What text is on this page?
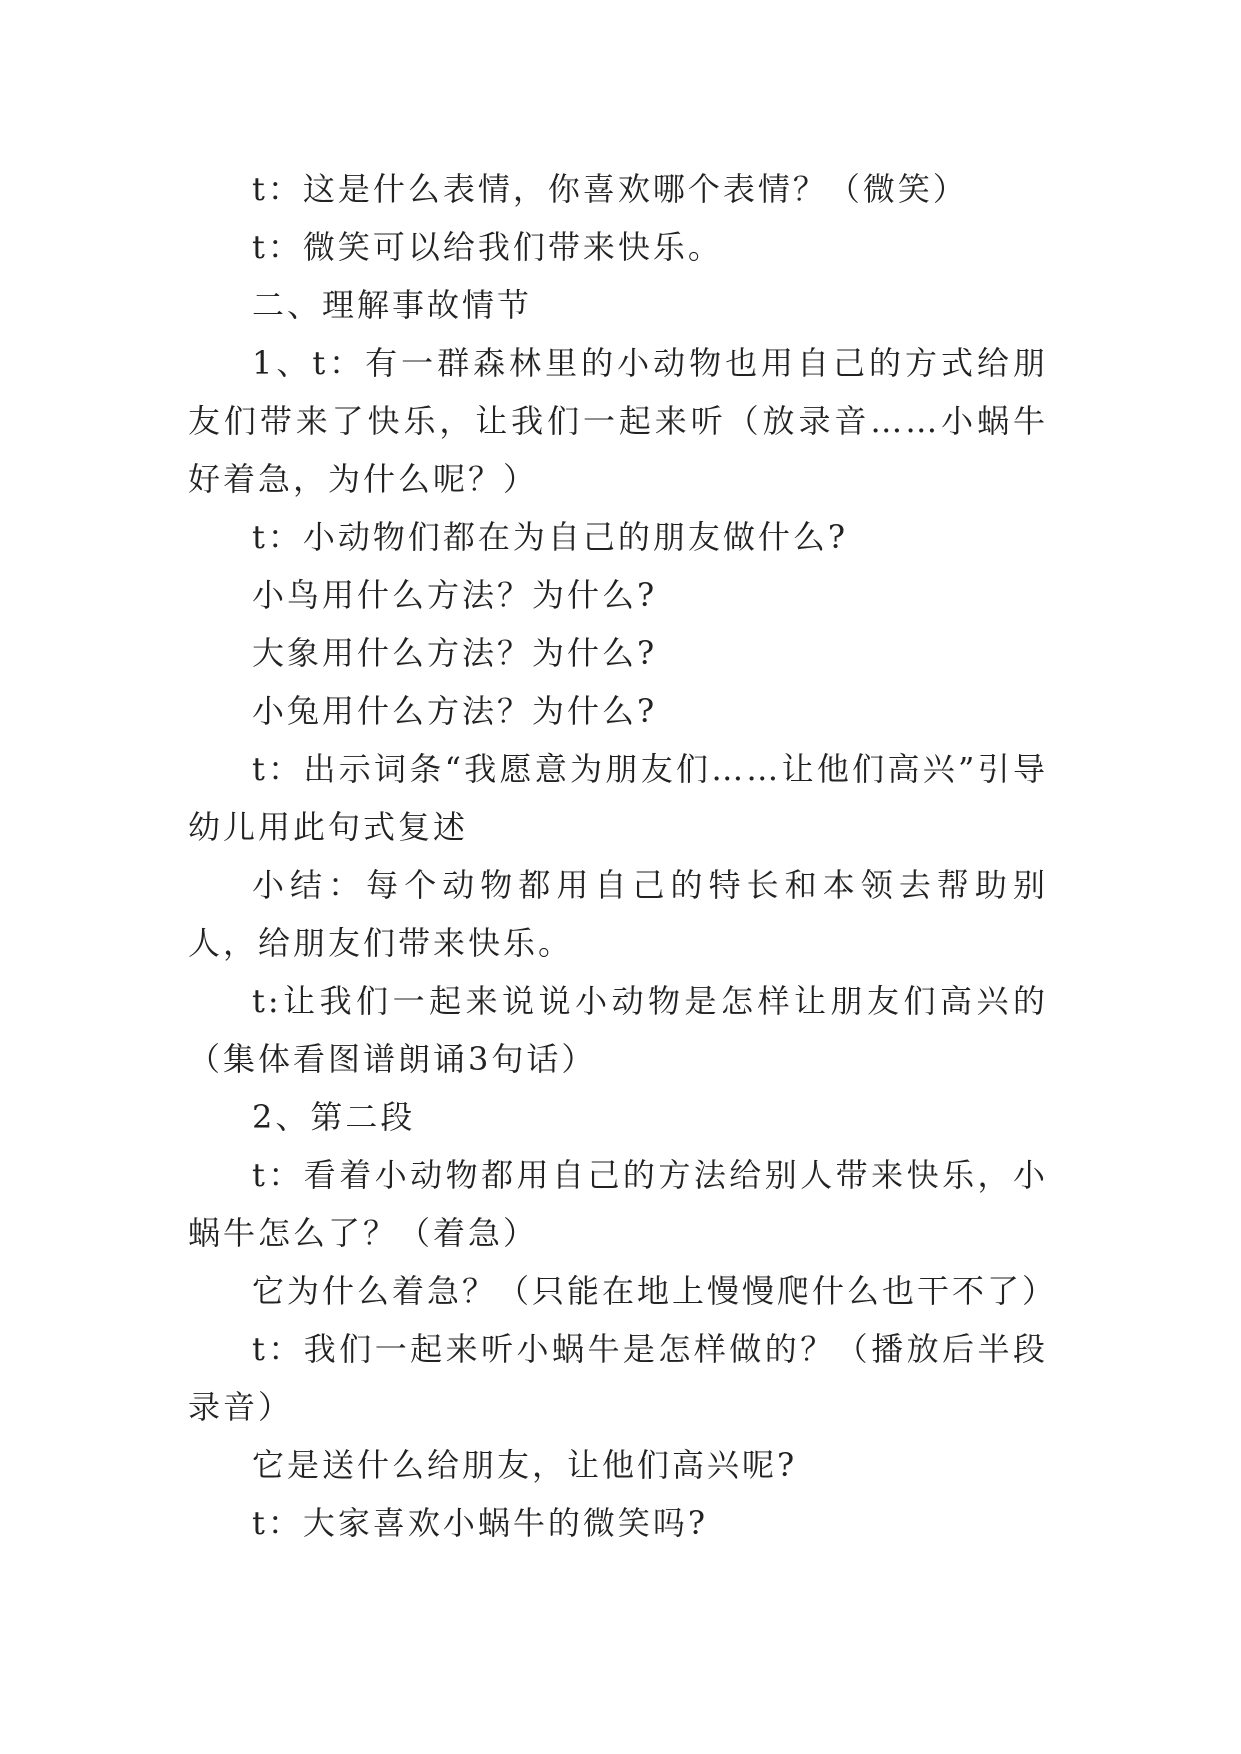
t：这是什么表情，你喜欢哪个表情？（微笑）

t：微笑可以给我们带来快乐。

二、理解事故情节

1、t：有一群森林里的小动物也用自己的方式给朋友们带来了快乐，让我们一起来听（放录音……小蜗牛好着急，为什么呢？）

t：小动物们都在为自己的朋友做什么?

小鸟用什么方法？为什么?

大象用什么方法？为什么?

小兔用什么方法？为什么?

t：出示词条“我愿意为朋友们……让他们高兴”引导幼儿用此句式复述

小结：每个动物都用自己的特长和本领去帮助别人，给朋友们带来快乐。

t:让我们一起来说说小动物是怎样让朋友们高兴的（集体看图谱朗诵3句话）

2、第二段

t：看着小动物都用自己的方法给别人带来快乐，小蜗牛怎么了？（着急）

它为什么着急？（只能在地上慢慢爬什么也干不了）

t：我们一起来听小蜗牛是怎样做的？（播放后半段录音）

它是送什么给朋友，让他们高兴呢?

t：大家喜欢小蜗牛的微笑吗?
